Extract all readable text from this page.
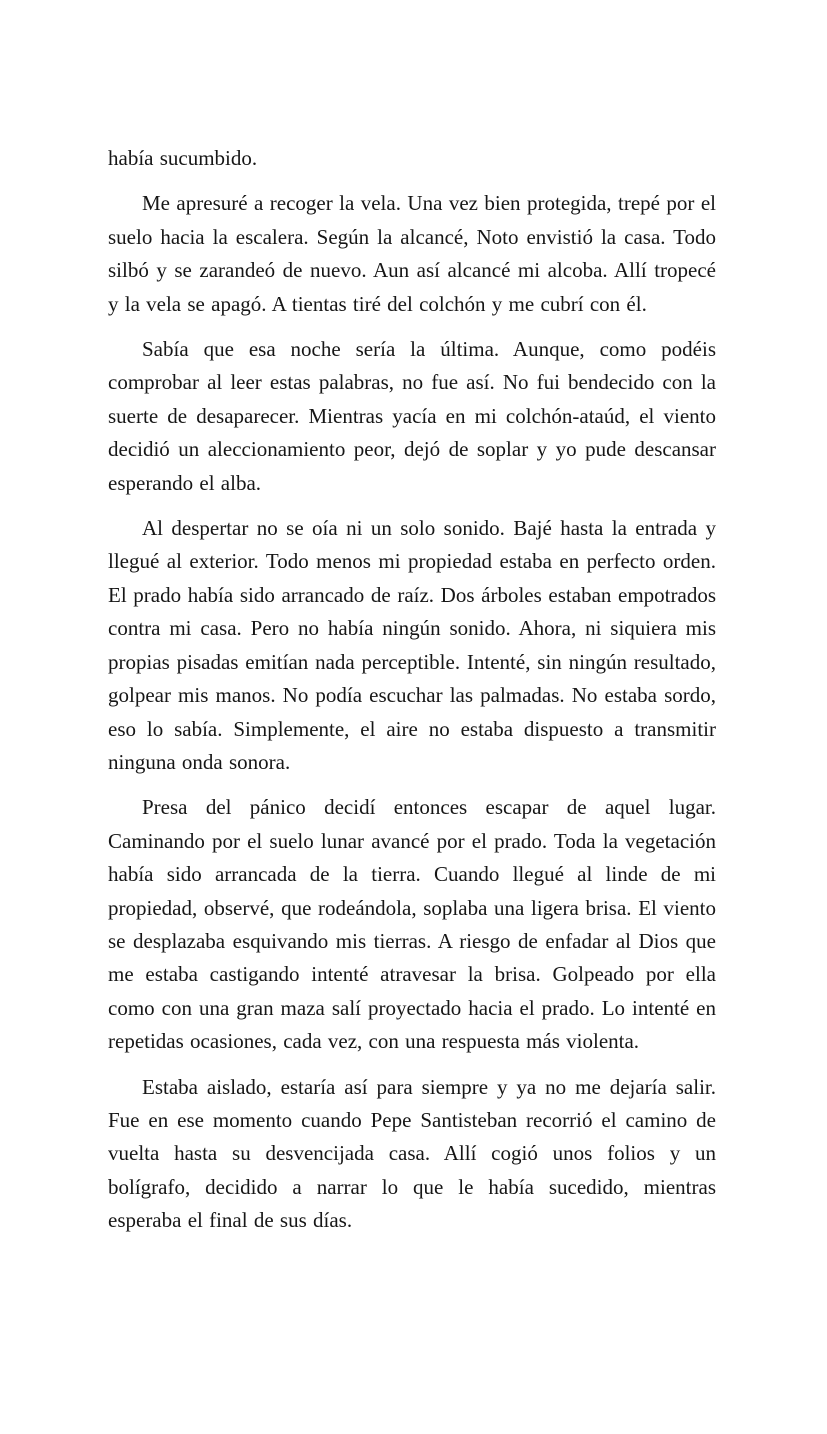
había sucumbido.

Me apresuré a recoger la vela. Una vez bien protegida, trepé por el suelo hacia la escalera. Según la alcancé, Noto envistió la casa. Todo silbó y se zarandeó de nuevo. Aun así alcancé mi alcoba. Allí tropecé y la vela se apagó. A tientas tiré del colchón y me cubrí con él.

Sabía que esa noche sería la última. Aunque, como podéis comprobar al leer estas palabras, no fue así. No fui bendecido con la suerte de desaparecer. Mientras yacía en mi colchón-ataúd, el viento decidió un aleccionamiento peor, dejó de soplar y yo pude descansar esperando el alba.

Al despertar no se oía ni un solo sonido. Bajé hasta la entrada y llegué al exterior. Todo menos mi propiedad estaba en perfecto orden. El prado había sido arrancado de raíz. Dos árboles estaban empotrados contra mi casa. Pero no había ningún sonido. Ahora, ni siquiera mis propias pisadas emitían nada perceptible. Intenté, sin ningún resultado, golpear mis manos. No podía escuchar las palmadas. No estaba sordo, eso lo sabía. Simplemente, el aire no estaba dispuesto a transmitir ninguna onda sonora.

Presa del pánico decidí entonces escapar de aquel lugar. Caminando por el suelo lunar avancé por el prado. Toda la vegetación había sido arrancada de la tierra. Cuando llegué al linde de mi propiedad, observé, que rodeándola, soplaba una ligera brisa. El viento se desplazaba esquivando mis tierras. A riesgo de enfadar al Dios que me estaba castigando intenté atravesar la brisa. Golpeado por ella como con una gran maza salí proyectado hacia el prado. Lo intenté en repetidas ocasiones, cada vez, con una respuesta más violenta.

Estaba aislado, estaría así para siempre y ya no me dejaría salir. Fue en ese momento cuando Pepe Santisteban recorrió el camino de vuelta hasta su desvencijada casa. Allí cogió unos folios y un bolígrafo, decidido a narrar lo que le había sucedido, mientras esperaba el final de sus días.
